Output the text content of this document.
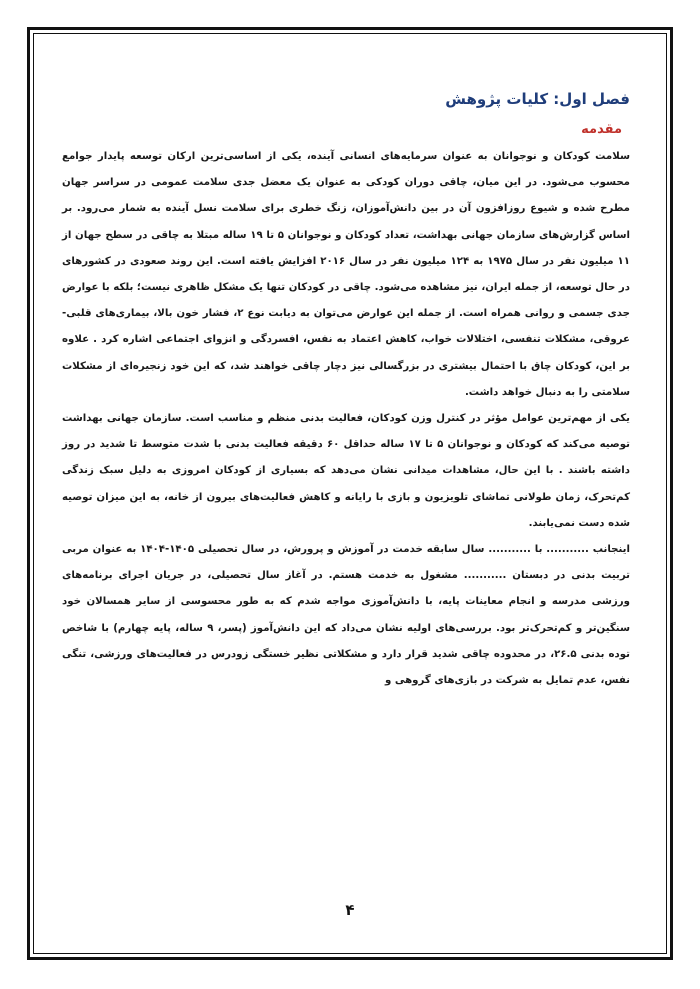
فصل اول: کلیات پژوهش
مقدمه

سلامت کودکان و نوجوانان به عنوان سرمایه‌های انسانی آینده، یکی از اساسی‌ترین ارکان توسعه پایدار جوامع محسوب می‌شود. در این میان، چاقی دوران کودکی به عنوان یک معضل جدی سلامت عمومی در سراسر جهان مطرح شده و شیوع روزافزون آن در بین دانش‌آموزان، زنگ خطری برای سلامت نسل آینده به شمار می‌رود. بر اساس گزارش‌های سازمان جهانی بهداشت، تعداد کودکان و نوجوانان ۵ تا ۱۹ ساله مبتلا به چاقی در سطح جهان از ۱۱ میلیون نفر در سال ۱۹۷۵ به ۱۲۴ میلیون نفر در سال ۲۰۱۶ افزایش یافته است. این روند صعودی در کشورهای در حال توسعه، از جمله ایران، نیز مشاهده می‌شود. چاقی در کودکان تنها یک مشکل ظاهری نیست؛ بلکه با عوارض جدی جسمی و روانی همراه است. از جمله این عوارض می‌توان به دیابت نوع ۲، فشار خون بالا، بیماری‌های قلبی-عروقی، مشکلات تنفسی، اختلالات خواب، کاهش اعتماد به نفس، افسردگی و انزوای اجتماعی اشاره کرد . علاوه بر این، کودکان چاق با احتمال بیشتری در بزرگسالی نیز دچار چاقی خواهند شد، که این خود زنجیره‌ای از مشکلات سلامتی را به دنبال خواهد داشت.

یکی از مهم‌ترین عوامل مؤثر در کنترل وزن کودکان، فعالیت بدنی منظم و مناسب است. سازمان جهانی بهداشت توصیه می‌کند که کودکان و نوجوانان ۵ تا ۱۷ ساله حداقل ۶۰ دقیقه فعالیت بدنی با شدت متوسط تا شدید در روز داشته باشند . با این حال، مشاهدات میدانی نشان می‌دهد که بسیاری از کودکان امروزی به دلیل سبک زندگی کم‌تحرک، زمان طولانی تماشای تلویزیون و بازی با رایانه و کاهش فعالیت‌های بیرون از خانه، به این میزان توصیه شده دست نمی‌یابند.

اینجانب ........... با ........... سال سابقه خدمت در آموزش و پرورش، در سال تحصیلی ۱۴۰۵-۱۴۰۴ به عنوان مربی تربیت بدنی در دبستان ........... مشغول به خدمت هستم. در آغاز سال تحصیلی، در جریان اجرای برنامه‌های ورزشی مدرسه و انجام معاینات پایه، با دانش‌آموزی مواجه شدم که به طور محسوسی از سایر همسالان خود سنگین‌تر و کم‌تحرک‌تر بود. بررسی‌های اولیه نشان می‌داد که این دانش‌آموز (پسر، ۹ ساله، پایه چهارم) با شاخص توده بدنی ۲۶.۵، در محدوده چاقی شدید قرار دارد و مشکلاتی نظیر خستگی زودرس در فعالیت‌های ورزشی، تنگی نفس، عدم تمایل به شرکت در بازی‌های گروهی و

۴
